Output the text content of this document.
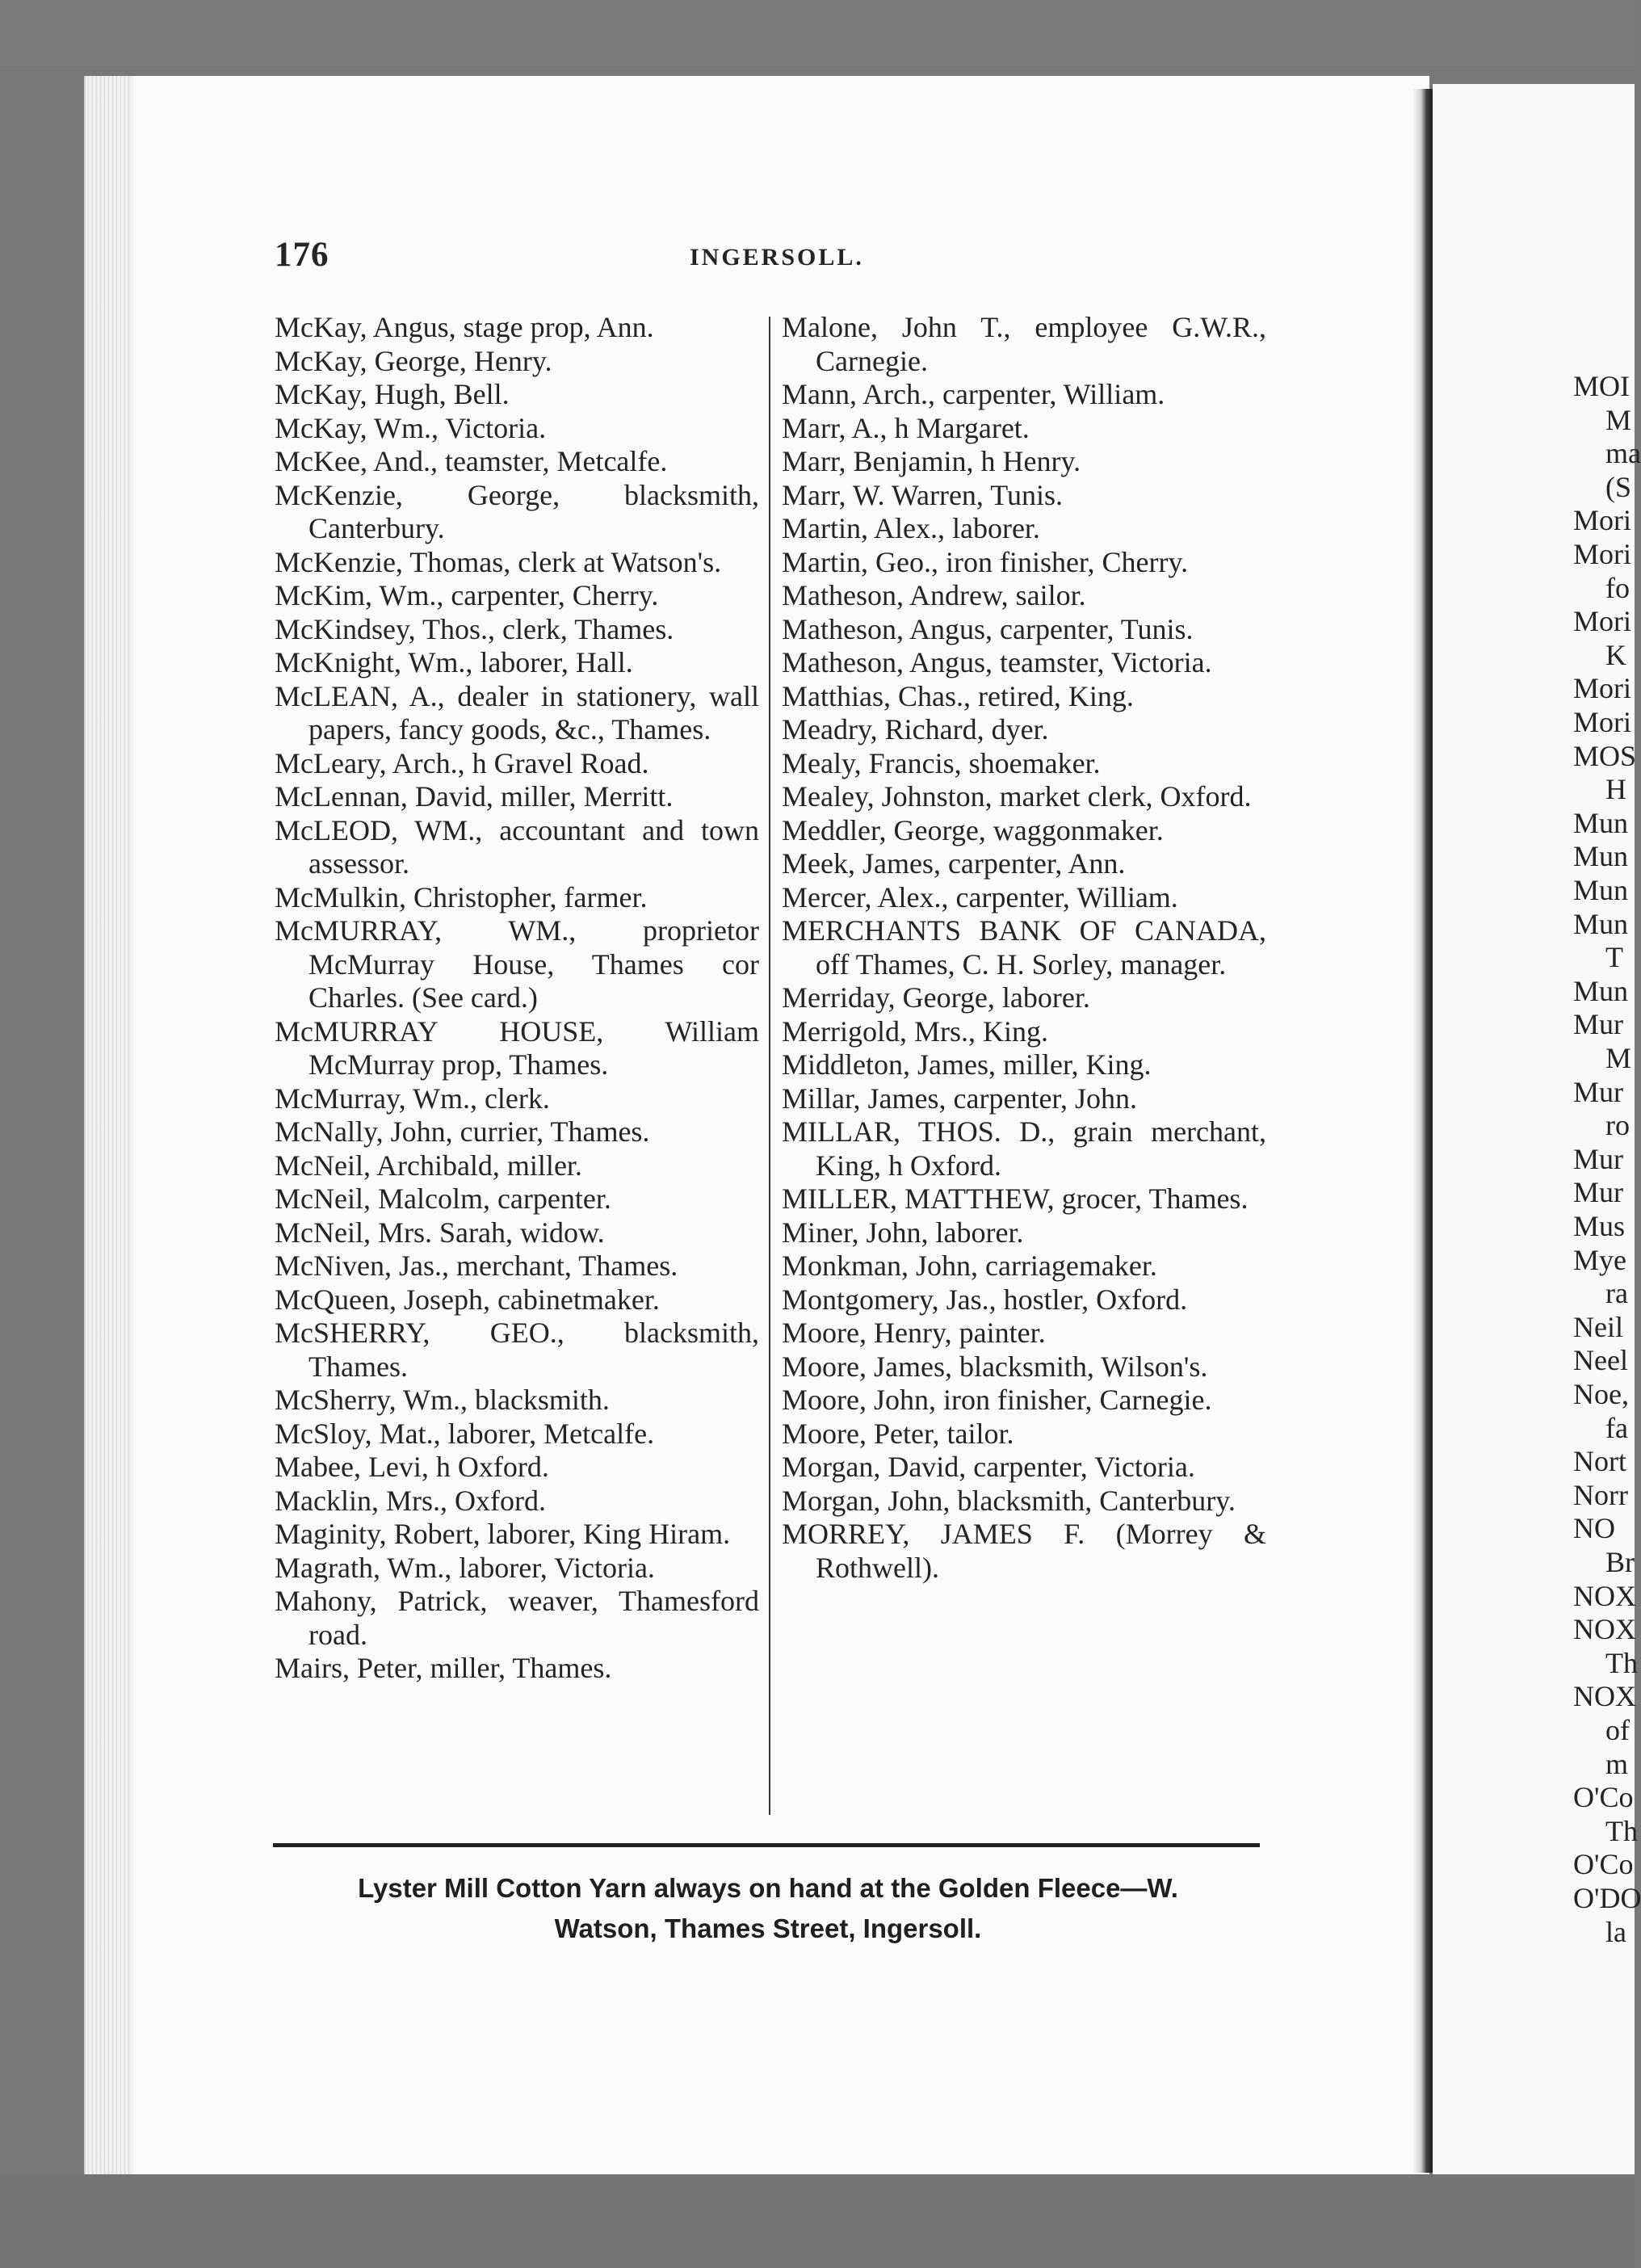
MOI
M
ma
(S
Mori
Mori
fo
Mori
K
Mori
Mori
MOS
H
Mun
Mun
Mun
Mun
T
Mun
Mur
M
Mur
ro
Mur
Mur
Mus
Mye
ra
Neil
Neel
Noe,
fa
Nort
Norr
NO
Br
NOX
NOX
Th
NOX
of
m
O'Co
Th
O'Co
O'DO
la
176	INGERSOLL.
McKay, Angus, stage prop, Ann.
McKay, George, Henry.
McKay, Hugh, Bell.
McKay, Wm., Victoria.
McKee, And., teamster, Metcalfe.
McKenzie, George, blacksmith, Canterbury.
McKenzie, Thomas, clerk at Watson's.
McKim, Wm., carpenter, Cherry.
McKindsey, Thos., clerk, Thames.
McKnight, Wm., laborer, Hall.
McLEAN, A., dealer in stationery, wall papers, fancy goods, &c., Thames.
McLeary, Arch., h Gravel Road.
McLennan, David, miller, Merritt.
McLEOD, WM., accountant and town assessor.
McMulkin, Christopher, farmer.
McMURRAY, WM., proprietor McMurray House, Thames cor Charles. (See card.)
McMURRAY HOUSE, William McMurray prop, Thames.
McMurray, Wm., clerk.
McNally, John, currier, Thames.
McNeil, Archibald, miller.
McNeil, Malcolm, carpenter.
McNeil, Mrs. Sarah, widow.
McNiven, Jas., merchant, Thames.
McQueen, Joseph, cabinetmaker.
McSHERRY, GEO., blacksmith, Thames.
McSherry, Wm., blacksmith.
McSloy, Mat., laborer, Metcalfe.
Mabee, Levi, h Oxford.
Macklin, Mrs., Oxford.
Maginity, Robert, laborer, King Hiram.
Magrath, Wm., laborer, Victoria.
Mahony, Patrick, weaver, Thamesford road.
Mairs, Peter, miller, Thames.
Malone, John T., employee G.W.R., Carnegie.
Mann, Arch., carpenter, William.
Marr, A., h Margaret.
Marr, Benjamin, h Henry.
Marr, W. Warren, Tunis.
Martin, Alex., laborer.
Martin, Geo., iron finisher, Cherry.
Matheson, Andrew, sailor.
Matheson, Angus, carpenter, Tunis.
Matheson, Angus, teamster, Victoria.
Matthias, Chas., retired, King.
Meadry, Richard, dyer.
Mealy, Francis, shoemaker.
Mealey, Johnston, market clerk, Oxford.
Meddler, George, waggonmaker.
Meek, James, carpenter, Ann.
Mercer, Alex., carpenter, William.
MERCHANTS BANK OF CANADA, off Thames, C. H. Sorley, manager.
Merriday, George, laborer.
Merrigold, Mrs., King.
Middleton, James, miller, King.
Millar, James, carpenter, John.
MILLAR, THOS. D., grain merchant, King, h Oxford.
MILLER, MATTHEW, grocer, Thames.
Miner, John, laborer.
Monkman, John, carriagemaker.
Montgomery, Jas., hostler, Oxford.
Moore, Henry, painter.
Moore, James, blacksmith, Wilson's.
Moore, John, iron finisher, Carnegie.
Moore, Peter, tailor.
Morgan, David, carpenter, Victoria.
Morgan, John, blacksmith, Canterbury.
MORREY, JAMES F. (Morrey & Rothwell).
Lyster Mill Cotton Yarn always on hand at the Golden Fleece—W.
Watson, Thames Street, Ingersoll.
